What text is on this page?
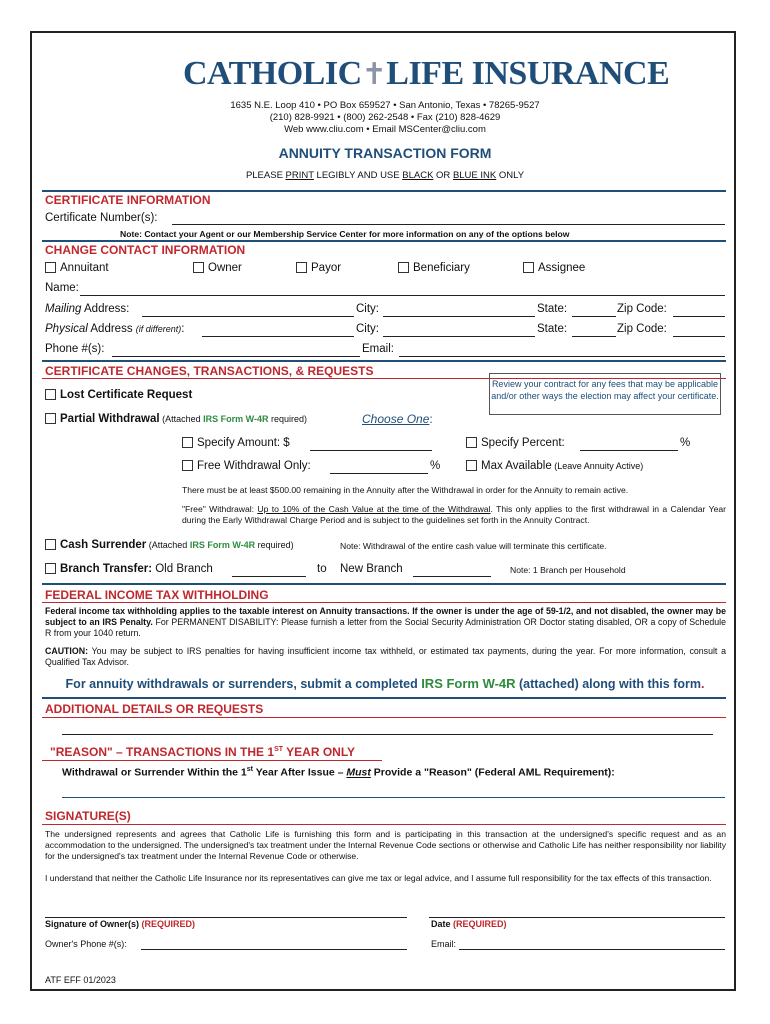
CATHOLIC✝LIFE INSURANCE
1635 N.E. Loop 410 • PO Box 659527 • San Antonio, Texas • 78265-9527
(210) 828-9921 • (800) 262-2548 • Fax (210) 828-4629
Web www.cliu.com • Email MSCenter@cliu.com
ANNUITY TRANSACTION FORM
PLEASE PRINT LEGIBLY AND USE BLACK OR BLUE INK ONLY
CERTIFICATE INFORMATION
Certificate Number(s):
Note: Contact your Agent or our Membership Service Center for more information on any of the options below
CHANGE CONTACT INFORMATION
Annuitant	Owner	Payor	Beneficiary	Assignee
Name:
Mailing Address:	City:	State:	Zip Code:
Physical Address (if different):	City:	State:	Zip Code:
Phone #(s):	Email:
CERTIFICATE CHANGES, TRANSACTIONS, & REQUESTS
Review your contract for any fees that may be applicable and/or other ways the election may affect your certificate.
Lost Certificate Request
Partial Withdrawal (Attached IRS Form W-4R required)	Choose One:
Specify Amount: $	Specify Percent:	%
Free Withdrawal Only:	%	Max Available (Leave Annuity Active)
There must be at least $500.00 remaining in the Annuity after the Withdrawal in order for the Annuity to remain active.
"Free" Withdrawal: Up to 10% of the Cash Value at the time of the Withdrawal. This only applies to the first withdrawal in a Calendar Year during the Early Withdrawal Charge Period and is subject to the guidelines set forth in the Annuity Contract.
Cash Surrender (Attached IRS Form W-4R required)	Note: Withdrawal of the entire cash value will terminate this certificate.
Branch Transfer: Old Branch	to New Branch	Note: 1 Branch per Household
FEDERAL INCOME TAX WITHHOLDING
Federal income tax withholding applies to the taxable interest on Annuity transactions. If the owner is under the age of 59-1/2, and not disabled, the owner may be subject to an IRS Penalty. For PERMANENT DISABILITY: Please furnish a letter from the Social Security Administration OR Doctor stating disabled, OR a copy of Schedule R from your 1040 return.
CAUTION: You may be subject to IRS penalties for having insufficient income tax withheld, or estimated tax payments, during the year. For more information, consult a Qualified Tax Advisor.
For annuity withdrawals or surrenders, submit a completed IRS Form W-4R (attached) along with this form.
ADDITIONAL DETAILS OR REQUESTS
"REASON" – TRANSACTIONS IN THE 1ST YEAR ONLY
Withdrawal or Surrender Within the 1st Year After Issue – Must Provide a "Reason" (Federal AML Requirement):
SIGNATURE(S)
The undersigned represents and agrees that Catholic Life is furnishing this form and is participating in this transaction at the undersigned's specific request and as an accommodation to the undersigned. The undersigned's tax treatment under the Internal Revenue Code sections or otherwise and Catholic Life has neither responsibility nor liability for the undersigned's tax treatment under the Internal Revenue Code or otherwise.
I understand that neither the Catholic Life Insurance nor its representatives can give me tax or legal advice, and I assume full responsibility for the tax effects of this transaction.
Signature of Owner(s) (REQUIRED)	Date (REQUIRED)
Owner's Phone #(s):	Email:
ATF EFF 01/2023
